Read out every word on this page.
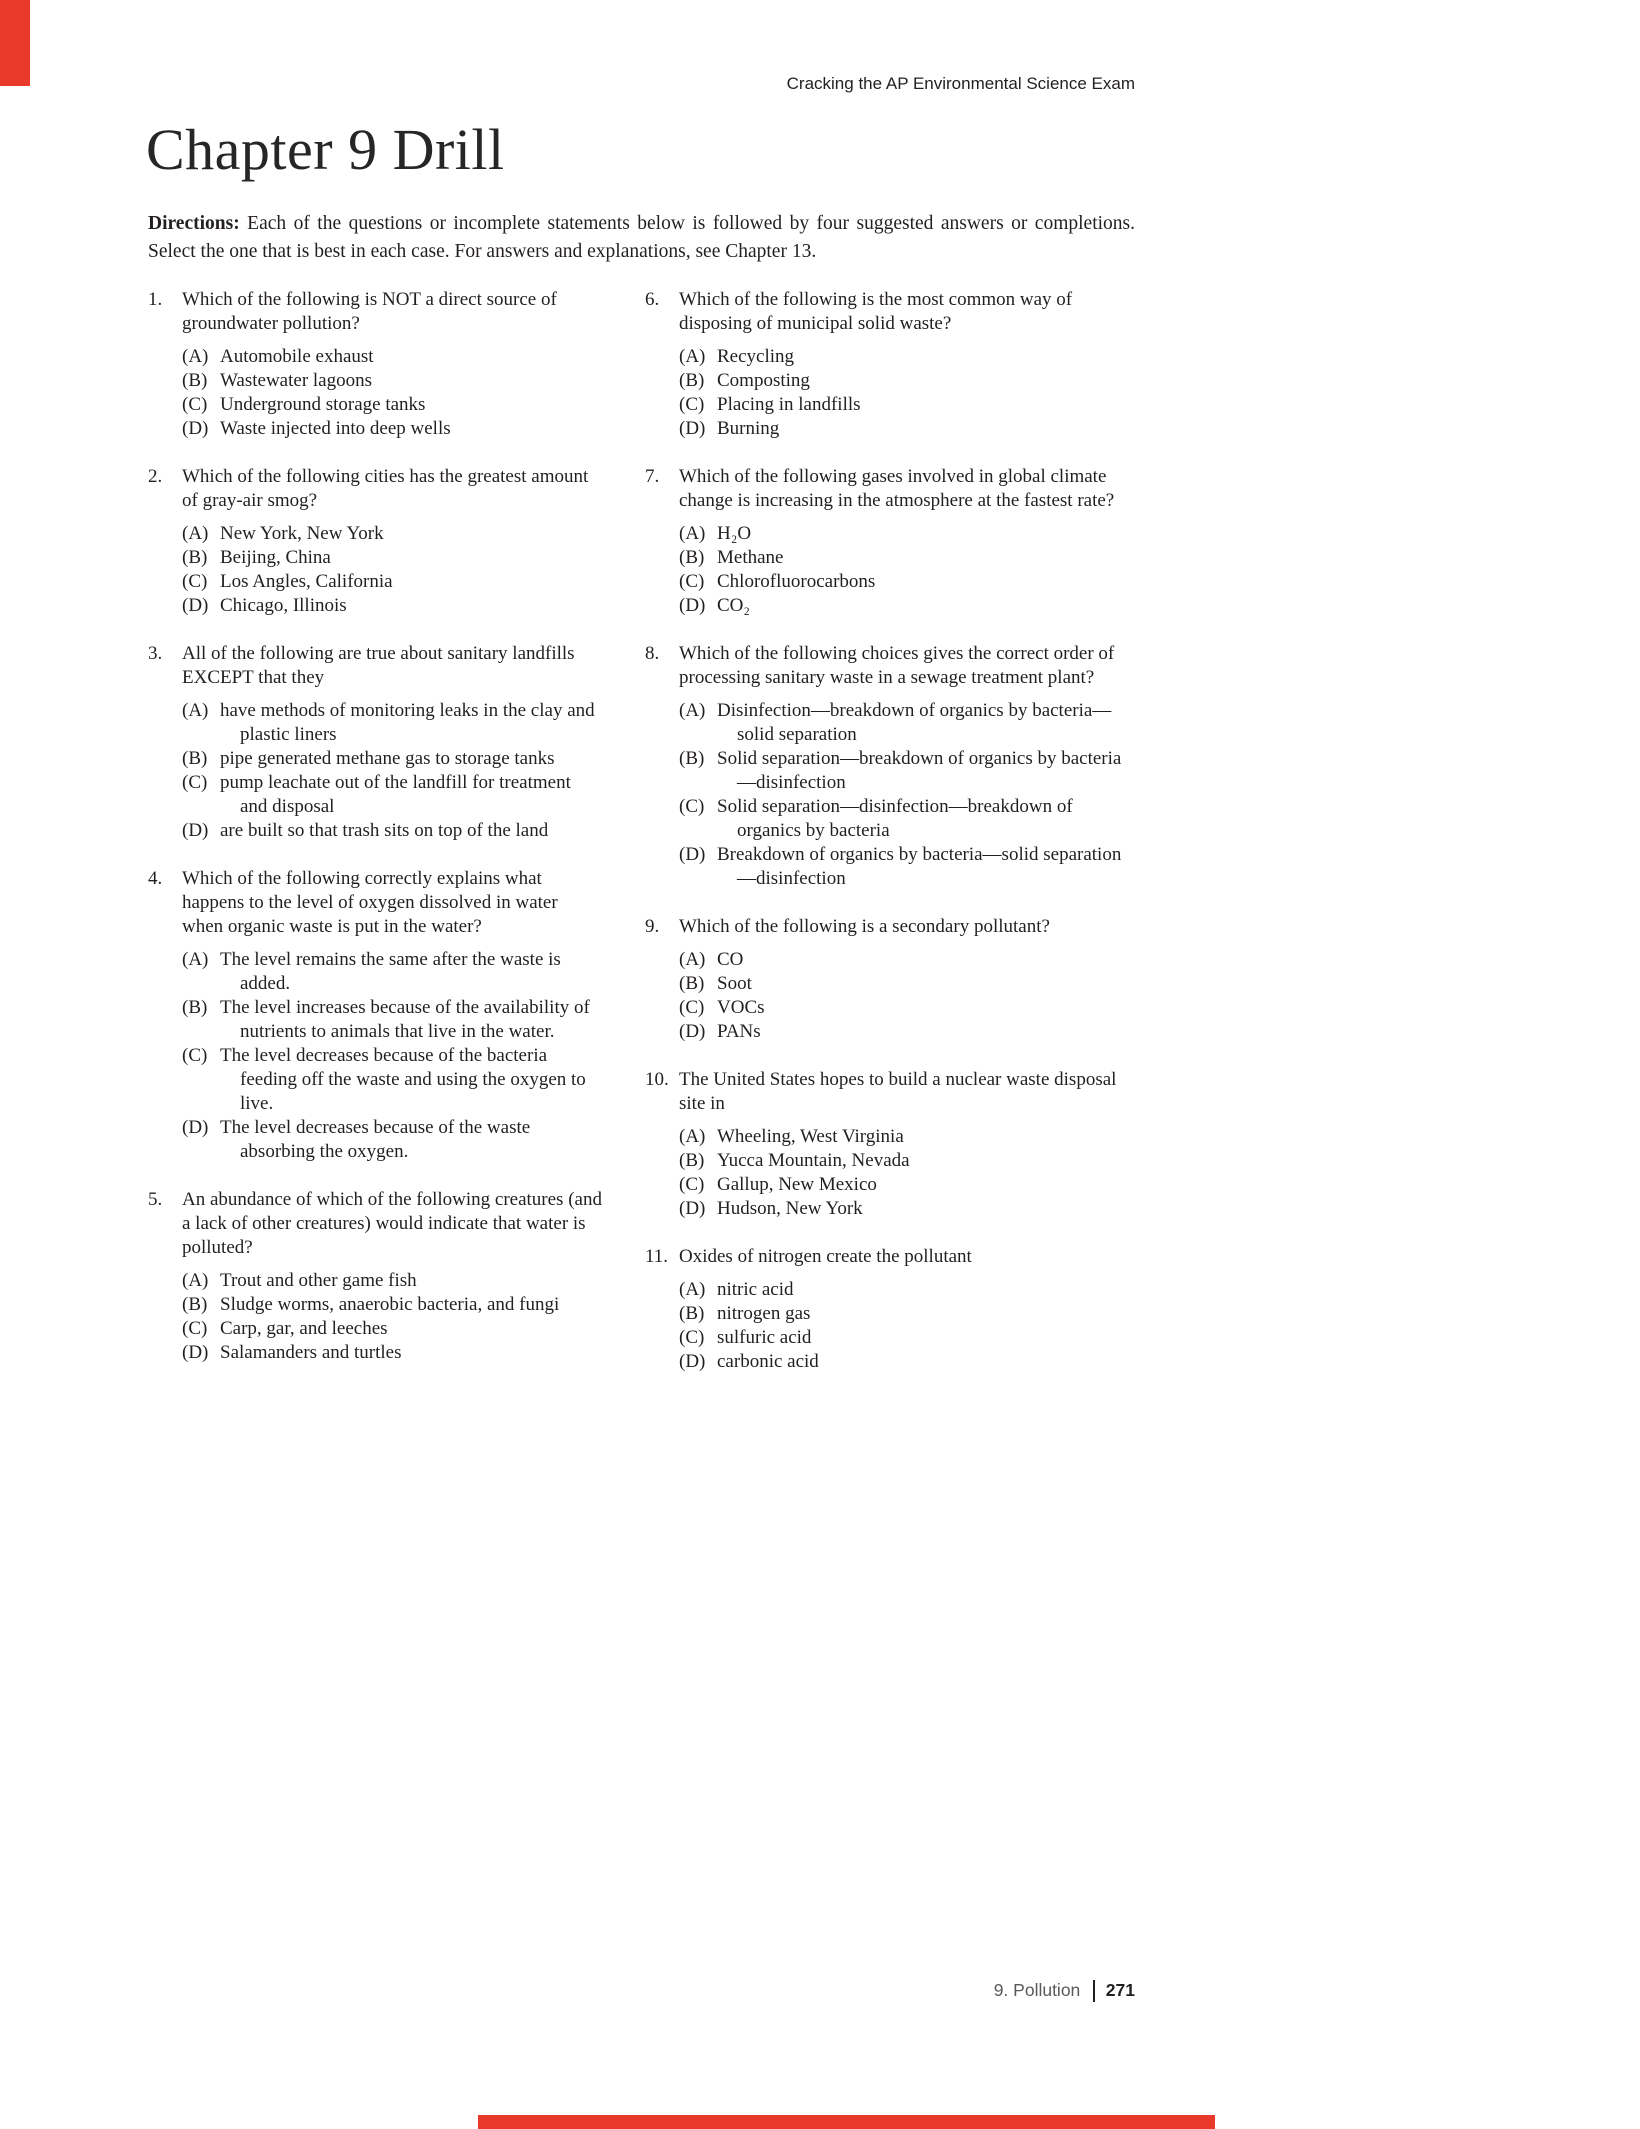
Cracking the AP Environmental Science Exam
Chapter 9 Drill

Directions: Each of the questions or incomplete statements below is followed by four suggested answers or completions. Select the one that is best in each case. For answers and explanations, see Chapter 13.

1.	Which of the following is NOT a direct source of groundwater pollution?
(A) Automobile exhaust
(B) Wastewater lagoons
(C) Underground storage tanks
(D) Waste injected into deep wells
2.	Which of the following cities has the greatest amount of gray-air smog?
(A) New York, New York
(B) Beijing, China
(C) Los Angles, California
(D) Chicago, Illinois
3.	All of the following are true about sanitary landfills EXCEPT that they
(A) have methods of monitoring leaks in the clay and plastic liners
(B) pipe generated methane gas to storage tanks
(C) pump leachate out of the landfill for treatment and disposal
(D) are built so that trash sits on top of the land
4.	Which of the following correctly explains what happens to the level of oxygen dissolved in water when organic waste is put in the water?
(A) The level remains the same after the waste is added.
(B) The level increases because of the availability of nutrients to animals that live in the water.
(C) The level decreases because of the bacteria feeding off the waste and using the oxygen to live.
(D) The level decreases because of the waste absorbing the oxygen.
5.	An abundance of which of the following creatures (and a lack of other creatures) would indicate that water is polluted?
(A) Trout and other game fish
(B) Sludge worms, anaerobic bacteria, and fungi
(C) Carp, gar, and leeches
(D) Salamanders and turtles
6.	Which of the following is the most common way of disposing of municipal solid waste?
(A) Recycling
(B) Composting
(C) Placing in landfills
(D) Burning
7.	Which of the following gases involved in global climate change is increasing in the atmosphere at the fastest rate?
(A) H₂O
(B) Methane
(C) Chlorofluorocarbons
(D) CO₂
8.	Which of the following choices gives the correct order of processing sanitary waste in a sewage treatment plant?
(A) Disinfection—breakdown of organics by bacteria—solid separation
(B) Solid separation—breakdown of organics by bacteria—disinfection
(C) Solid separation—disinfection—breakdown of organics by bacteria
(D) Breakdown of organics by bacteria—solid separation—disinfection
9.	Which of the following is a secondary pollutant?
(A) CO
(B) Soot
(C) VOCs
(D) PANs
10. The United States hopes to build a nuclear waste disposal site in
(A) Wheeling, West Virginia
(B) Yucca Mountain, Nevada
(C) Gallup, New Mexico
(D) Hudson, New York
11. Oxides of nitrogen create the pollutant
(A) nitric acid
(B) nitrogen gas
(C) sulfuric acid
(D) carbonic acid
9. Pollution 271
